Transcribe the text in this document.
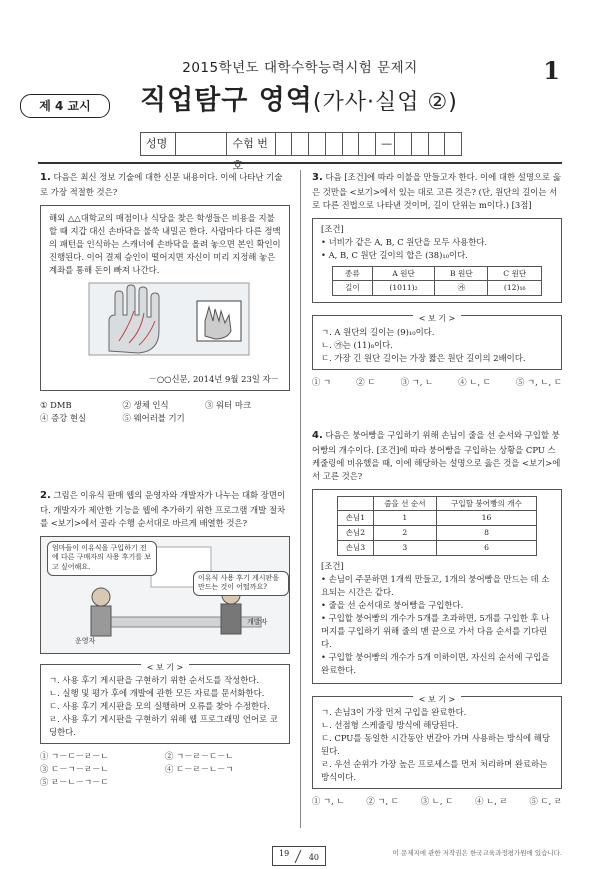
2015학년도 대학수학능력시험 문제지	1
제 4 교시	직업탐구 영역(가사·실업 ②)
성명	수험 번호
—
1. 다음은 최신 정보 기술에 대한 신문 내용이다. 이에 나타난 기술로 가장 적절한 것은?
해외 △△대학교의 매점이나 식당을 찾은 학생들은 비용을 지불할 때 지갑 대신 손바닥을 불쑥 내밀곤 한다. 사람마다 다른 정맥의 패턴을 인식하는 스캐너에 손바닥을 올려 놓으면 본인 확인이 진행된다. 이어 결제 승인이 떨어지면 자신이 미리 지정해 놓은 계좌를 통해 돈이 빠져 나간다.
－○○신문, 2014년 9월 23일 자－
① DMB	② 생체 인식	③ 워터 마크
④ 증강 현실	⑤ 웨어러블 기기
2. 그림은 이유식 판매 웹의 운영자와 개발자가 나누는 대화 장면이다. 개발자가 제안한 기능을 웹에 추가하기 위한 프로그램 개발 절차를 <보기>에서 골라 수행 순서대로 바르게 배열한 것은?
엄마들이 이유식을 구입하기 전에 다른 구매자의 사용 후기를 보고 싶어해요.
이유식 사용 후기 게시판을 만드는 것이 어떨까요?
운영자
개발자
< 보 기 >
ㄱ. 사용 후기 게시판을 구현하기 위한 순서도를 작성한다.
ㄴ. 실행 및 평가 후에 개발에 관한 모든 자료를 문서화한다.
ㄷ. 사용 후기 게시판을 모의 실행하며 오류를 찾아 수정한다.
ㄹ. 사용 후기 게시판을 구현하기 위해 웹 프로그래밍 언어로 코딩한다.
① ㄱ－ㄷ－ㄹ－ㄴ	② ㄱ－ㄹ－ㄷ－ㄴ
③ ㄷ－ㄱ－ㄹ－ㄴ	④ ㄷ－ㄹ－ㄴ－ㄱ
⑤ ㄹ－ㄴ－ㄱ－ㄷ
3. 다음 [조건]에 따라 이불을 만들고자 한다. 이에 대한 설명으로 옳은 것만을 <보기>에서 있는 대로 고른 것은? (단, 원단의 길이는 서로 다른 진법으로 나타낸 것이며, 길이 단위는 m이다.) [3점]
[조건]
• 너비가 같은 A, B, C 원단을 모두 사용한다.
• A, B, C 원단 길이의 합은 (38)₁₀이다.
종류	A 원단	B 원단	C 원단
길이	(1011)₂	㉮	(12)₁₆
< 보 기 >
ㄱ. A 원단의 길이는 (9)₁₀이다.
ㄴ. ㉮는 (11)₈이다.
ㄷ. 가장 긴 원단 길이는 가장 짧은 원단 길이의 2배이다.
① ㄱ	② ㄷ	③ ㄱ, ㄴ	④ ㄴ, ㄷ	⑤ ㄱ, ㄴ, ㄷ
4. 다음은 붕어빵을 구입하기 위해 손님이 줄을 선 순서와 구입할 붕어빵의 개수이다. [조건]에 따라 붕어빵을 구입하는 상황을 CPU 스케줄링에 비유했을 때, 이에 해당하는 설명으로 옳은 것을 <보기>에서 고른 것은?
	줄을 선 순서	구입할 붕어빵의 개수
손님1	1	16
손님2	2	8
손님3	3	6
[조건]
• 손님이 주문하면 1개씩 만들고, 1개의 붕어빵을 만드는 데 소요되는 시간은 같다.
• 줄을 선 순서대로 붕어빵을 구입한다.
• 구입할 붕어빵의 개수가 5개를 초과하면, 5개를 구입한 후 나머지를 구입하기 위해 줄의 맨 끝으로 가서 다음 순서를 기다린다.
• 구입할 붕어빵의 개수가 5개 이하이면, 자신의 순서에 구입을 완료한다.
< 보 기 >
ㄱ. 손님3이 가장 먼저 구입을 완료한다.
ㄴ. 선점형 스케줄링 방식에 해당된다.
ㄷ. CPU를 동일한 시간동안 번갈아 가며 사용하는 방식에 해당된다.
ㄹ. 우선 순위가 가장 높은 프로세스를 먼저 처리하며 완료하는 방식이다.
① ㄱ, ㄴ	② ㄱ, ㄷ	③ ㄴ, ㄷ	④ ㄴ, ㄹ	⑤ ㄷ, ㄹ
19 40	이 문제지에 관한 저작권은 한국교육과정평가원에 있습니다.
